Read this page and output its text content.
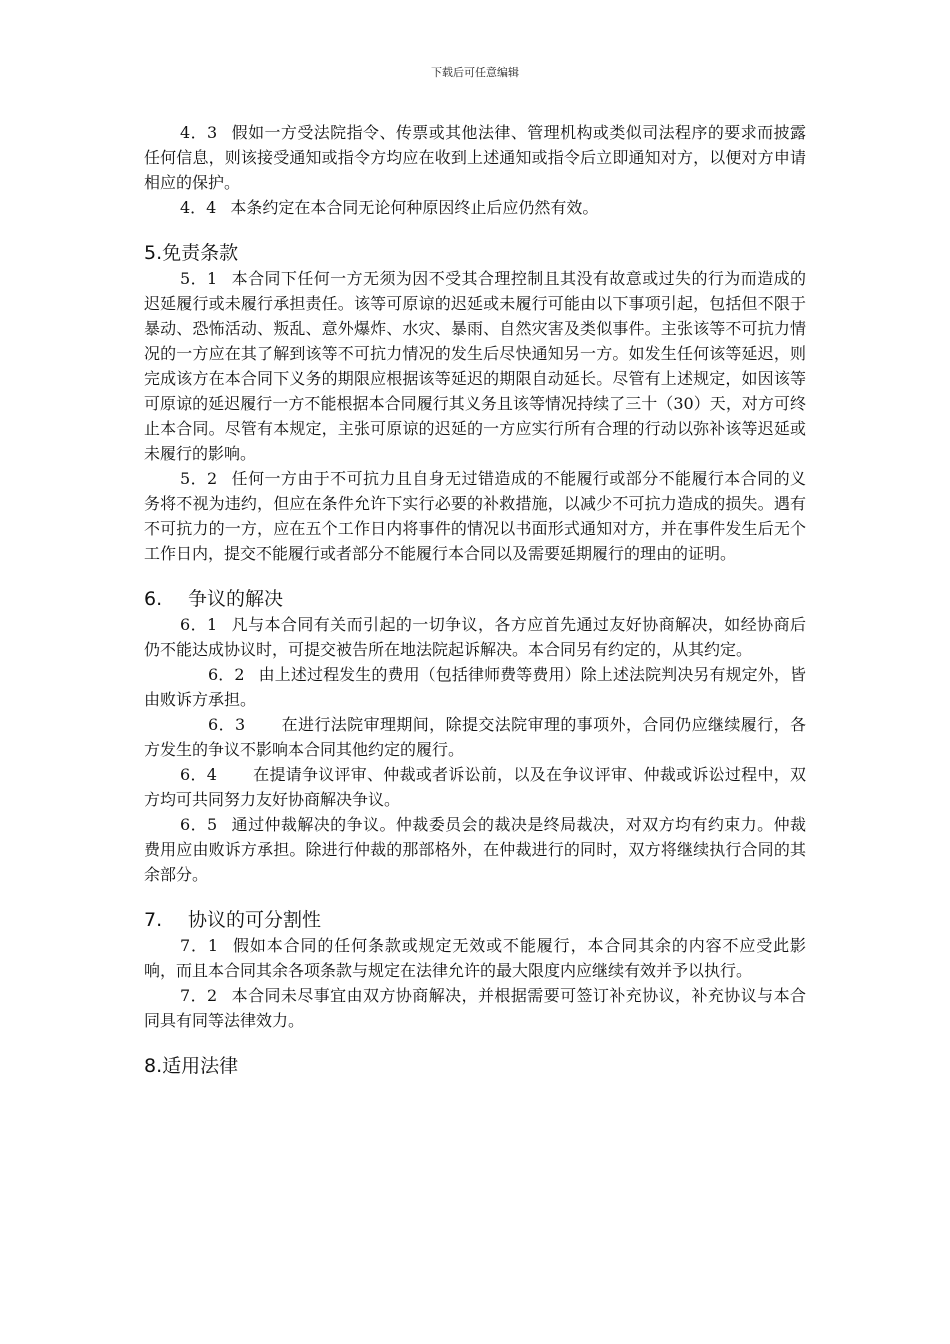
下载后可任意编辑

4．3 假如一方受法院指令、传票或其他法律、管理机构或类似司法程序的要求而披露任何信息，则该接受通知或指令方均应在收到上述通知或指令后立即通知对方，以便对方申请相应的保护。

4．4 本条约定在本合同无论何种原因终止后应仍然有效。

5.免责条款

5．1 本合同下任何一方无须为因不受其合理控制且其没有故意或过失的行为而造成的迟延履行或未履行承担责任。该等可原谅的迟延或未履行可能由以下事项引起，包括但不限于暴动、恐怖活动、叛乱、意外爆炸、水灾、暴雨、自然灾害及类似事件。主张该等不可抗力情况的一方应在其了解到该等不可抗力情况的发生后尽快通知另一方。如发生任何该等延迟，则完成该方在本合同下义务的期限应根据该等延迟的期限自动延长。尽管有上述规定，如因该等可原谅的延迟履行一方不能根据本合同履行其义务且该等情况持续了三十（30）天，对方可终止本合同。尽管有本规定，主张可原谅的迟延的一方应实行所有合理的行动以弥补该等迟延或未履行的影响。

5．2 任何一方由于不可抗力且自身无过错造成的不能履行或部分不能履行本合同的义务将不视为违约，但应在条件允许下实行必要的补救措施，以减少不可抗力造成的损失。遇有不可抗力的一方，应在五个工作日内将事件的情况以书面形式通知对方，并在事件发生后无个工作日内，提交不能履行或者部分不能履行本合同以及需要延期履行的理由的证明。

6. 争议的解决

6．1 凡与本合同有关而引起的一切争议，各方应首先通过友好协商解决，如经协商后仍不能达成协议时，可提交被告所在地法院起诉解决。本合同另有约定的，从其约定。

6．2 由上述过程发生的费用（包括律师费等费用）除上述法院判决另有规定外，皆由败诉方承担。

6．3 在进行法院审理期间，除提交法院审理的事项外，合同仍应继续履行，各方发生的争议不影响本合同其他约定的履行。

6．4 在提请争议评审、仲裁或者诉讼前，以及在争议评审、仲裁或诉讼过程中，双方均可共同努力友好协商解决争议。

6．5 通过仲裁解决的争议。仲裁委员会的裁决是终局裁决，对双方均有约束力。仲裁费用应由败诉方承担。除进行仲裁的那部格外，在仲裁进行的同时，双方将继续执行合同的其余部分。

7. 协议的可分割性

7．1 假如本合同的任何条款或规定无效或不能履行，本合同其余的内容不应受此影响，而且本合同其余各项条款与规定在法律允许的最大限度内应继续有效并予以执行。

7．2 本合同未尽事宜由双方协商解决，并根据需要可签订补充协议，补充协议与本合同具有同等法律效力。

8.适用法律
